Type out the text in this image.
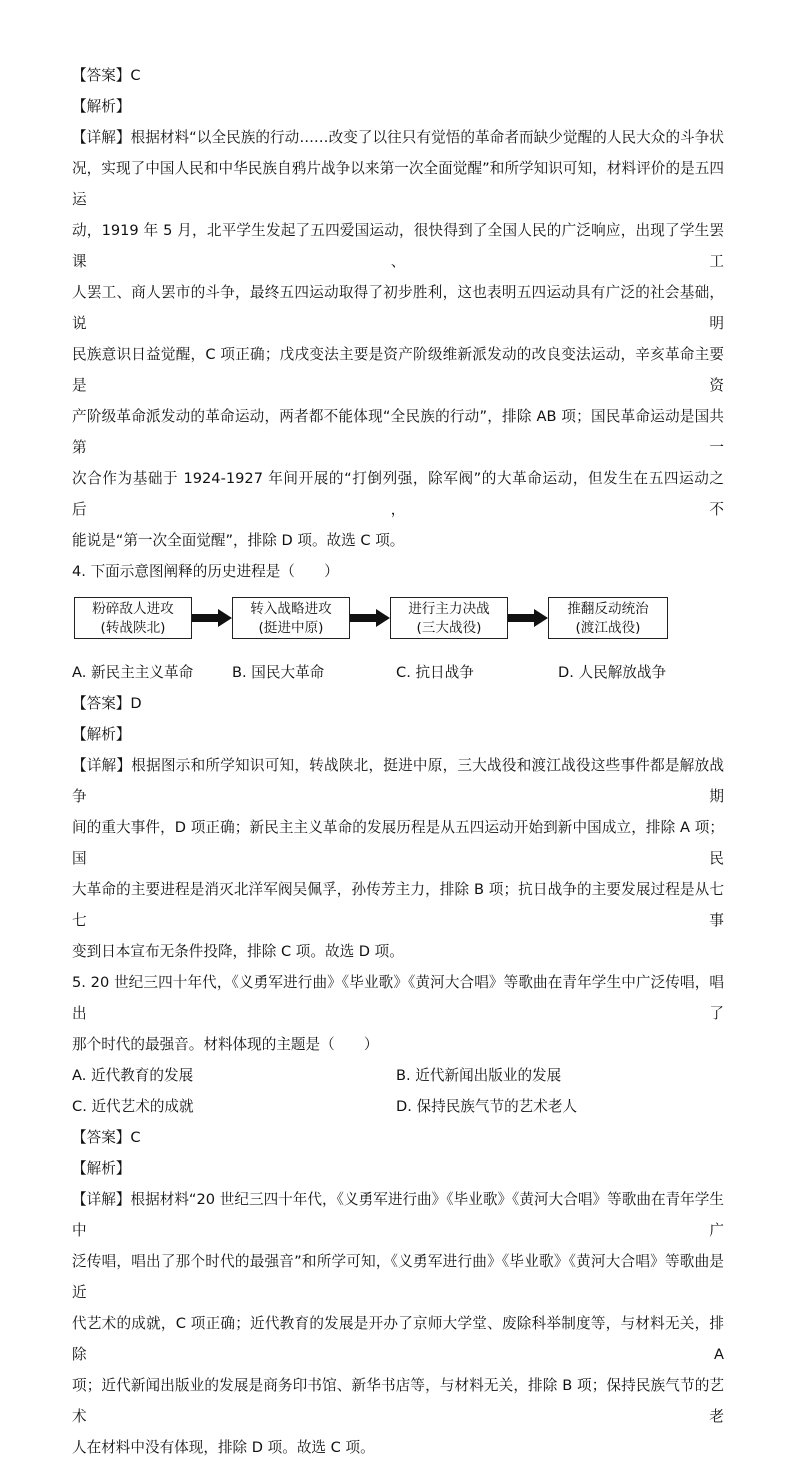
【答案】C

【解析】

【详解】根据材料“以全民族的行动……改变了以往只有觉悟的革命者而缺少觉醒的人民大众的斗争状

况，实现了中国人民和中华民族自鸦片战争以来第一次全面觉醒”和所学知识可知，材料评价的是五四运

动，1919 年 5 月，北平学生发起了五四爱国运动，很快得到了全国人民的广泛响应，出现了学生罢课、工

人罢工、商人罢市的斗争，最终五四运动取得了初步胜利，这也表明五四运动具有广泛的社会基础，说明

民族意识日益觉醒，C 项正确；戊戌变法主要是资产阶级维新派发动的改良变法运动，辛亥革命主要是资

产阶级革命派发动的革命运动，两者都不能体现“全民族的行动”，排除 AB 项；国民革命运动是国共第一

次合作为基础于 1924-1927 年间开展的“打倒列强，除军阀”的大革命运动，但发生在五四运动之后，不

能说是“第一次全面觉醒”，排除 D 项。故选 C 项。

4. 下面示意图阐释的历史进程是（　　）

粉碎敌人进攻
(转战陕北)
转入战略进攻
(挺进中原)
进行主力决战
(三大战役)
推翻反动统治
(渡江战役)
A. 新民主主义革命	B. 国民大革命	C. 抗日战争	D. 人民解放战争

【答案】D

【解析】

【详解】根据图示和所学知识可知，转战陕北，挺进中原，三大战役和渡江战役这些事件都是解放战争期

间的重大事件，D 项正确；新民主主义革命的发展历程是从五四运动开始到新中国成立，排除 A 项；国民

大革命的主要进程是消灭北洋军阀吴佩孚，孙传芳主力，排除 B 项；抗日战争的主要发展过程是从七七事

变到日本宣布无条件投降，排除 C 项。故选 D 项。

5. 20 世纪三四十年代，《义勇军进行曲》《毕业歌》《黄河大合唱》等歌曲在青年学生中广泛传唱，唱出了

那个时代的最强音。材料体现的主题是（　　）

A. 近代教育的发展	B. 近代新闻出版业的发展
C. 近代艺术的成就	D. 保持民族气节的艺术老人

【答案】C

【解析】

【详解】根据材料“20 世纪三四十年代，《义勇军进行曲》《毕业歌》《黄河大合唱》等歌曲在青年学生中广

泛传唱，唱出了那个时代的最强音”和所学可知，《义勇军进行曲》《毕业歌》《黄河大合唱》等歌曲是近

代艺术的成就，C 项正确；近代教育的发展是开办了京师大学堂、废除科举制度等，与材料无关，排除 A

项；近代新闻出版业的发展是商务印书馆、新华书店等，与材料无关，排除 B 项；保持民族气节的艺术老

人在材料中没有体现，排除 D 项。故选 C 项。
